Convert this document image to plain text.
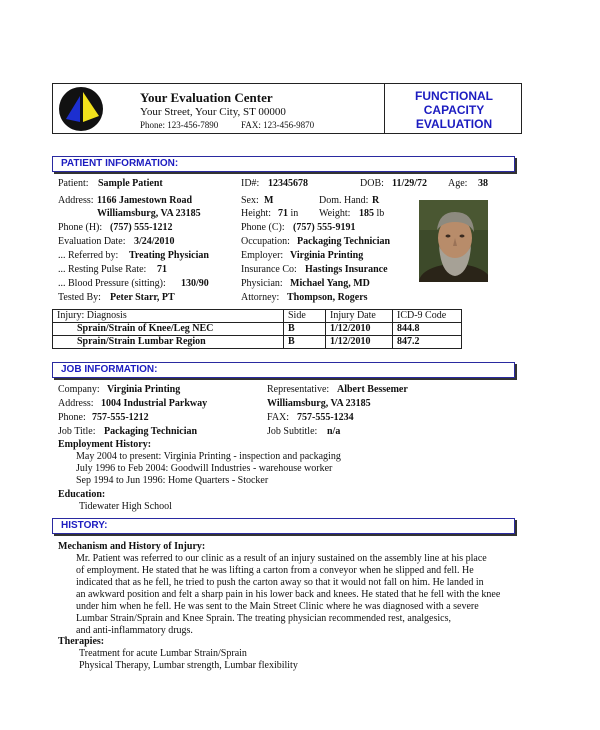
Your Evaluation Center
Your Street, Your City, ST 00000
Phone: 123-456-7890	FAX: 123-456-9870
FUNCTIONAL
CAPACITY
EVALUATION
PATIENT INFORMATION:
Patient: Sample Patient	ID#: 12345678	DOB: 11/29/72 Age: 38
Address: 1166 Jamestown Road	Sex: M	Dom. Hand: R
Williamsburg, VA 23185	Height: 71 in Weight: 185 lb
Phone (H): (757) 555-1212	Phone (C): (757) 555-9191
Evaluation Date: 3/24/2010	Occupation: Packaging Technician
... Referred by: Treating Physician	Employer: Virginia Printing
... Resting Pulse Rate: 71	Insurance Co: Hastings Insurance
... Blood Pressure (sitting): 130/90	Physician: Michael Yang, MD
Tested By: Peter Starr, PT	Attorney: Thompson, Rogers
Injury: Diagnosis	Side	Injury Date	ICD-9 Code
Sprain/Strain of Knee/Leg NEC	B	1/12/2010	844.8
Sprain/Strain Lumbar Region	B	1/12/2010	847.2
JOB INFORMATION:
Company: Virginia Printing	Representative: Albert Bessemer
Address: 1004 Industrial Parkway	Williamsburg, VA 23185
Phone: 757-555-1212	FAX: 757-555-1234
Job Title: Packaging Technician	Job Subtitle: n/a
Employment History:
May 2004 to present: Virginia Printing - inspection and packaging
July 1996 to Feb 2004: Goodwill Industries - warehouse worker
Sep 1994 to Jun 1996: Home Quarters - Stocker
Education:
Tidewater High School
HISTORY:
Mechanism and History of Injury:
Mr. Patient was referred to our clinic as a result of an injury sustained on the assembly line at his place
of employment. He stated that he was lifting a carton from a conveyor when he slipped and fell. He
indicated that as he fell, he tried to push the carton away so that it would not fall on him. He landed in
an awkward position and felt a sharp pain in his lower back and knees. He stated that he fell with the knee
under him when he fell. He was sent to the Main Street Clinic where he was diagnosed with a severe
Lumbar Strain/Sprain and Knee Sprain. The treating physician recommended rest, analgesics,
and anti-inflammatory drugs.
Therapies:
Treatment for acute Lumbar Strain/Sprain
Physical Therapy, Lumbar strength, Lumbar flexibility
